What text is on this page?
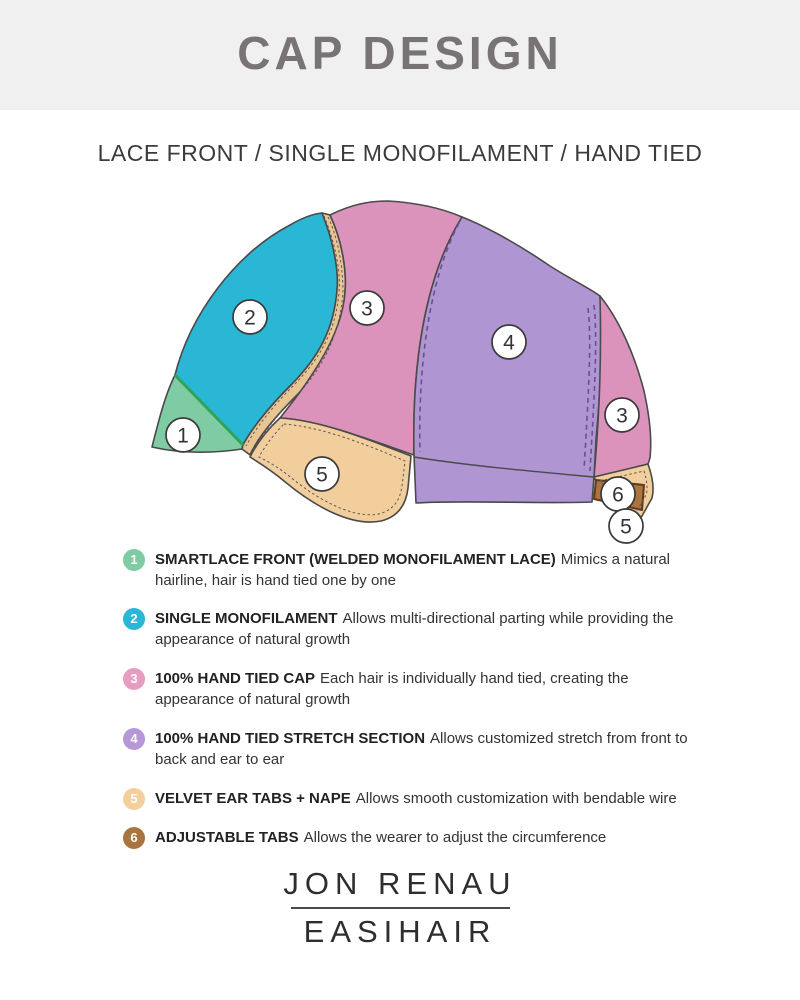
CAP DESIGN
LACE FRONT / SINGLE MONOFILAMENT / HAND TIED
1
2	3
4
3
5
6
5
1	SMARTLACE FRONT (WELDED MONOFILAMENT LACE) Mimics a natural hairline, hair is hand tied one by one
2	SINGLE MONOFILAMENT Allows multi-directional parting while providing the appearance of natural growth
3	100% HAND TIED CAP Each hair is individually hand tied, creating the appearance of natural growth
4	100% HAND TIED STRETCH SECTION Allows customized stretch from front to back and ear to ear
5	VELVET EAR TABS + NAPE Allows smooth customization with bendable wire
6	ADJUSTABLE TABS Allows the wearer to adjust the circumference
JON RENAU
EASIHAIR
